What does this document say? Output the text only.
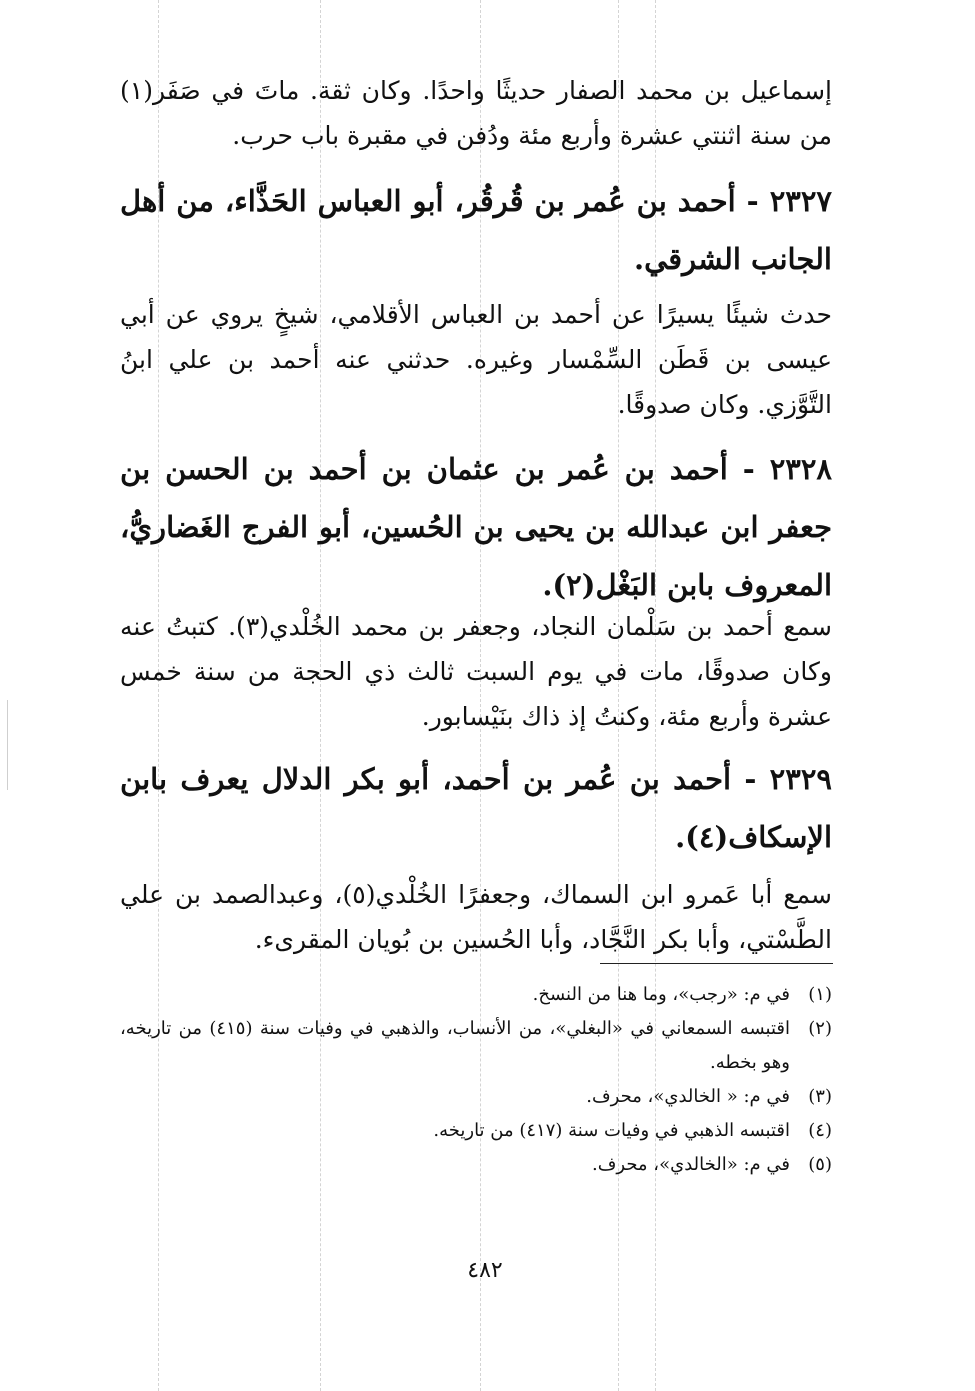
إسماعيل بن محمد الصفار حديثًا واحدًا. وكان ثقة. ماتَ في صَفَر(١) من سنة اثنتي عشرة وأربع مئة ودُفن في مقبرة باب حرب.

٢٣٢٧ - أحمد بن عُمر بن قُرقُر، أبو العباس الحَذَّاء، من أهل الجانب الشرقي.

حدث شيئًا يسيرًا عن أحمد بن العباس الأقلامي، شيخٍ يروي عن أبي عيسى بن قَطَن السِّمْسار وغيره. حدثني عنه أحمد بن علي ابنُ التَّوَّزي. وكان صدوقًا.

٢٣٢٨ - أحمد بن عُمر بن عثمان بن أحمد بن الحسن بن جعفر ابن عبدالله بن يحيى بن الحُسين، أبو الفرج الغَضاريُّ، المعروف بابن البَغْل(٢).

سمع أحمد بن سَلْمان النجاد، وجعفر بن محمد الخُلْدي(٣). كتبتُ عنه وكان صدوقًا، مات في يوم السبت ثالث ذي الحجة من سنة خمس عشرة وأربع مئة، وكنتُ إذ ذاك بنَيْسابور.

٢٣٢٩ - أحمد بن عُمر بن أحمد، أبو بكر الدلال يعرف بابن الإسكاف(٤).

سمع أبا عَمرو ابن السماك، وجعفرًا الخُلْدي(٥)، وعبدالصمد بن علي الطَّسْتي، وأبا بكر النَّجَّاد، وأبا الحُسين بن بُويان المقرىء.

(١)
في م: «رجب»، وما هنا من النسخ.
(٢)
اقتبسه السمعاني في «البغلي»، من الأنساب، والذهبي في وفيات سنة (٤١٥) من تاريخه، وهو بخطه.
(٣)
في م: « الخالدي»، محرف.
(٤)
اقتبسه الذهبي في وفيات سنة (٤١٧) من تاريخه.
(٥)
في م: «الخالدي»، محرف.
٤٨٢
